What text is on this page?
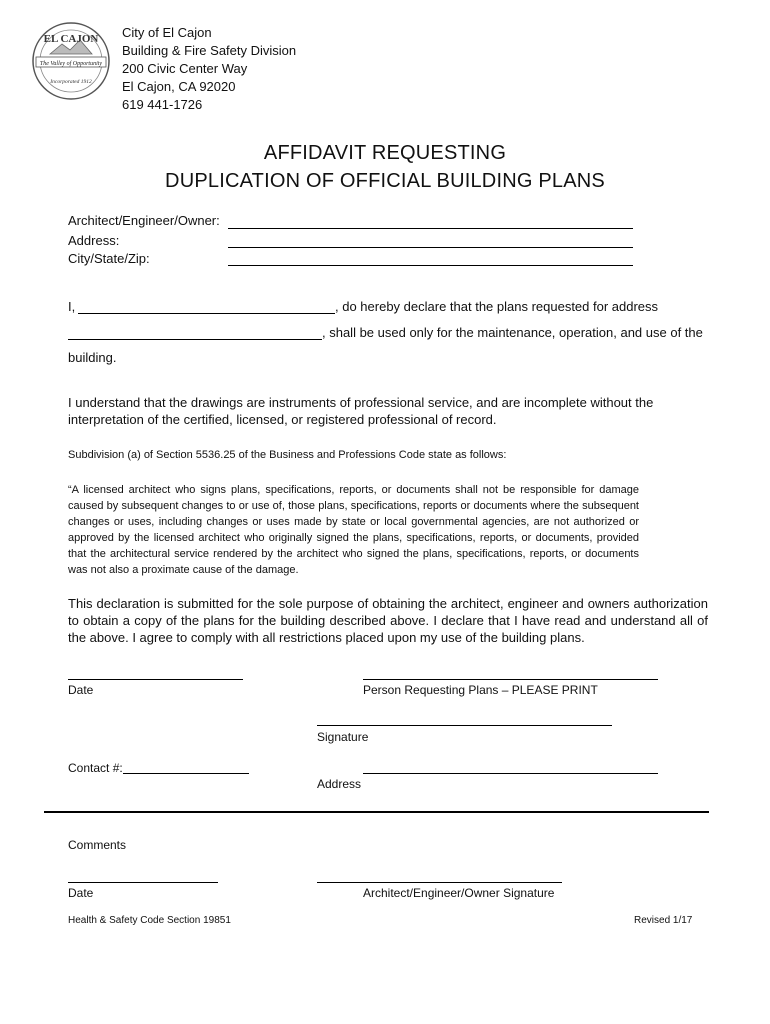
EL CAJON
The Valley of Opportunity
Incorporated 1912
City of El Cajon
Building & Fire Safety Division
200 Civic Center Way
El Cajon, CA 92020
619 441-1726
AFFIDAVIT REQUESTING
DUPLICATION OF OFFICIAL BUILDING PLANS
Architect/Engineer/Owner:
Address:
City/State/Zip:
I,	, do hereby declare that the plans requested for address
, shall be used only for the maintenance, operation, and use of the
building.
I understand that the drawings are instruments of professional service, and are incomplete without the interpretation of the certified, licensed, or registered professional of record.
Subdivision (a) of Section 5536.25 of the Business and Professions Code state as follows:
“A licensed architect who signs plans, specifications, reports, or documents shall not be responsible for damage caused by subsequent changes to or use of, those plans, specifications, reports or documents where the subsequent changes or uses, including changes or uses made by state or local governmental agencies, are not authorized or approved by the licensed architect who originally signed the plans, specifications, reports, or documents, provided that the architectural service rendered by the architect who signed the plans, specifications, reports, or documents was not also a proximate cause of the damage.
This declaration is submitted for the sole purpose of obtaining the architect, engineer and owners authorization to obtain a copy of the plans for the building described above. I declare that I have read and understand all of the above. I agree to comply with all restrictions placed upon my use of the building plans.
Date	Person Requesting Plans – PLEASE PRINT
Signature
Contact #:
Address
Comments
Date	Architect/Engineer/Owner Signature
Health & Safety Code Section 19851	Revised 1/17
